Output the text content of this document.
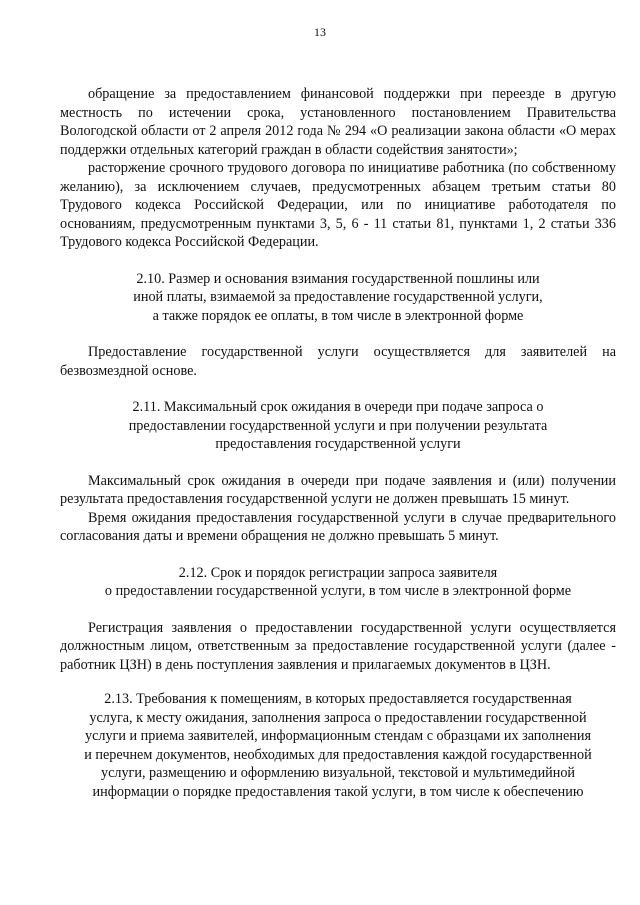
13

обращение за предоставлением финансовой поддержки при переезде в другую местность по истечении срока, установленного постановлением Правительства Вологодской области от 2 апреля 2012 года № 294 «О реализации закона области «О мерах поддержки отдельных категорий граждан в области содействия занятости»;

расторжение срочного трудового договора по инициативе работника (по собственному желанию), за исключением случаев, предусмотренных абзацем третьим статьи 80 Трудового кодекса Российской Федерации, или по инициативе работодателя по основаниям, предусмотренным пунктами 3, 5, 6 - 11 статьи 81, пунктами 1, 2 статьи 336 Трудового кодекса Российской Федерации.

2.10. Размер и основания взимания государственной пошлины или
иной платы, взимаемой за предоставление государственной услуги,
а также порядок ее оплаты, в том числе в электронной форме

Предоставление государственной услуги осуществляется для заявителей на безвозмездной основе.

2.11. Максимальный срок ожидания в очереди при подаче запроса о
предоставлении государственной услуги и при получении результата
предоставления государственной услуги

Максимальный срок ожидания в очереди при подаче заявления и (или) получении результата предоставления государственной услуги не должен превышать 15 минут.

Время ожидания предоставления государственной услуги в случае предварительного согласования даты и времени обращения не должно превышать 5 минут.

2.12. Срок и порядок регистрации запроса заявителя
о предоставлении государственной услуги, в том числе в электронной форме

Регистрация заявления о предоставлении государственной услуги осуществляется должностным лицом, ответственным за предоставление государственной услуги (далее - работник ЦЗН) в день поступления заявления и прилагаемых документов в ЦЗН.

2.13. Требования к помещениям, в которых предоставляется государственная
услуга, к месту ожидания, заполнения запроса о предоставлении государственной
услуги и приема заявителей, информационным стендам с образцами их заполнения
и перечнем документов, необходимых для предоставления каждой государственной
услуги, размещению и оформлению визуальной, текстовой и мультимедийной
информации о порядке предоставления такой услуги, в том числе к обеспечению
